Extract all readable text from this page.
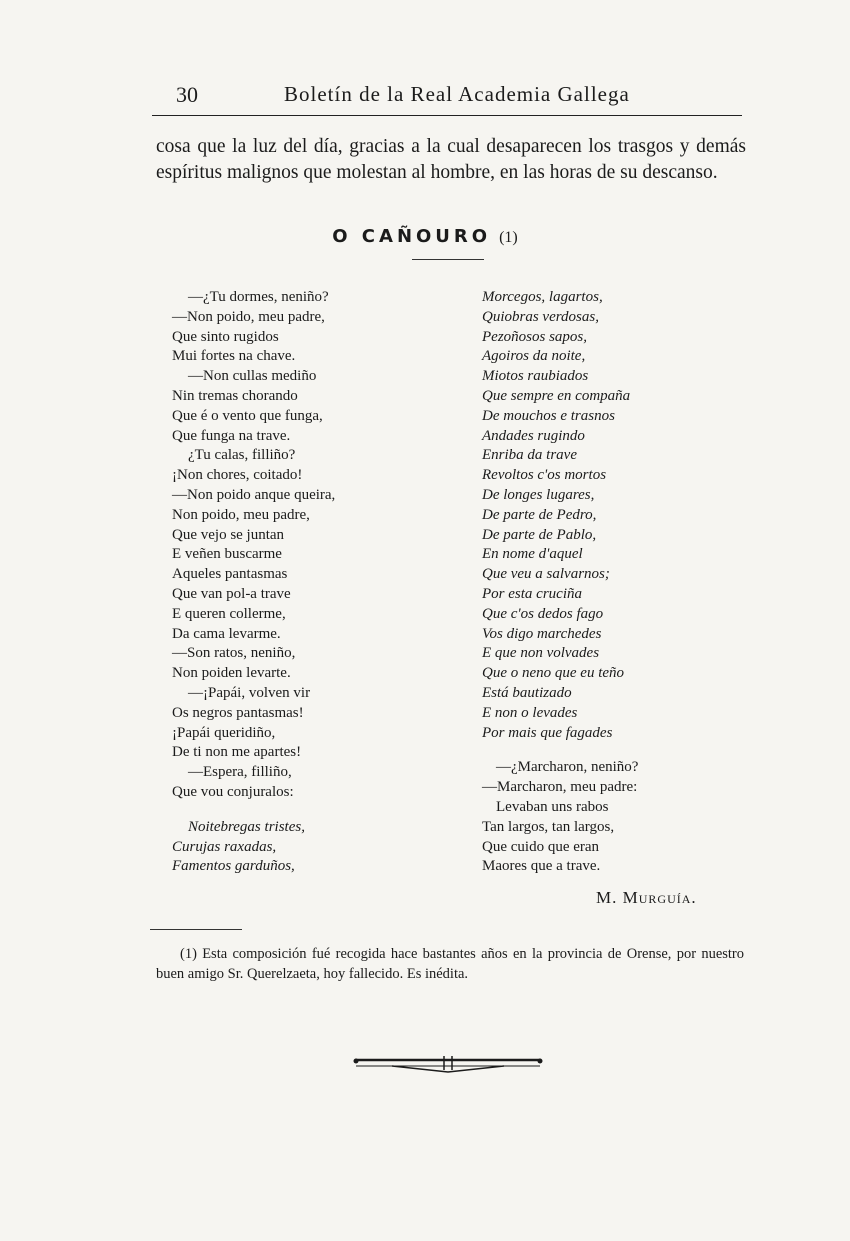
30	Boletín de la Real Academia Gallega

cosa que la luz del día, gracias a la cual desaparecen los trasgos y demás espíritus malignos que molestan al hombre, en las horas de su descanso.

O CAÑOURO (1)
—¿Tu dormes, neniño?
—Non poido, meu padre,
Que sinto rugidos
Mui fortes na chave.
—Non cullas mediño
Nin tremas chorando
Que é o vento que funga,
Que funga na trave.
¿Tu calas, filliño?
¡Non chores, coitado!
—Non poido anque queira,
Non poido, meu padre,
Que vejo se juntan
E veñen buscarme
Aqueles pantasmas
Que van pol-a trave
E queren collerme,
Da cama levarme.
—Son ratos, neniño,
Non poiden levarte.
—¡Papái, volven vir
Os negros pantasmas!
¡Papái queridiño,
De ti non me apartes!
—Espera, filliño,
Que vou conjuralos:
Noitebregas tristes,
Curujas raxadas,
Famentos garduños,
Morcegos, lagartos,
Quiobras verdosas,
Pezoñosos sapos,
Agoiros da noite,
Miotos raubiados
Que sempre en compaña
De mouchos e trasnos
Andades rugindo
Enriba da trave
Revoltos c'os mortos
De longes lugares,
De parte de Pedro,
De parte de Pablo,
En nome d'aquel
Que veu a salvarnos;
Por esta cruciña
Que c'os dedos fago
Vos digo marchedes
E que non volvades
Que o neno que eu teño
Está bautizado
E non o levades
Por mais que fagades
—¿Marcharon, neniño?
—Marcharon, meu padre:
Levaban uns rabos
Tan largos, tan largos,
Que cuido que eran
Maores que a trave.
M. Murguía.

(1) Esta composición fué recogida hace bastantes años en la provincia de Orense, por nuestro buen amigo Sr. Querelzaeta, hoy fallecido. Es inédita.
